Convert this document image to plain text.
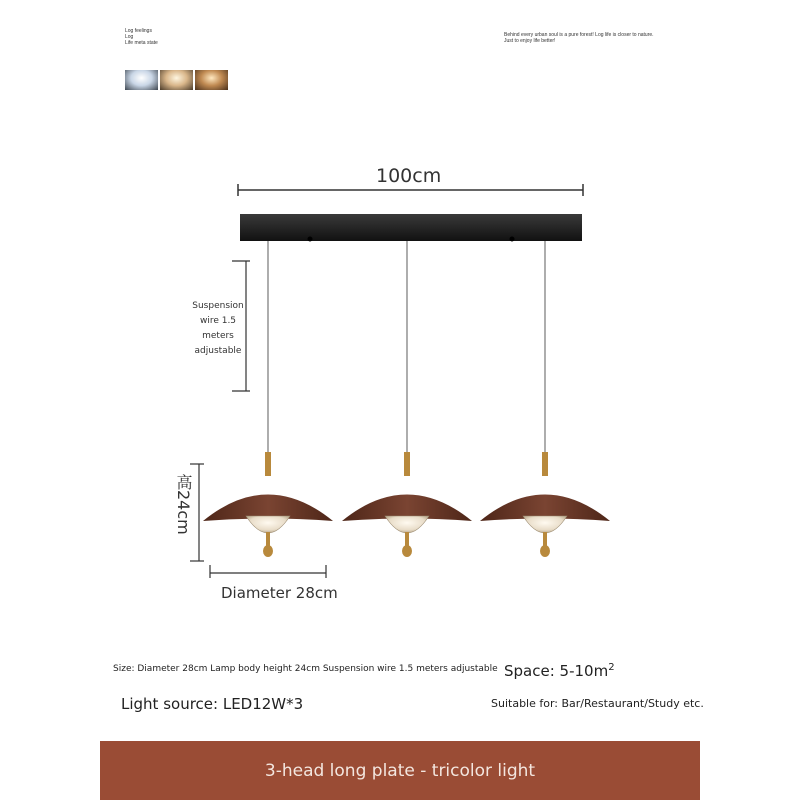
Log feelings
Log
Life meta state
Behind every urban soul is a pure forest! Log life is closer to nature.
Just to enjoy life better!
100cm
Suspension
wire 1.5
meters
adjustable
高24cm
Diameter 28cm
Size: Diameter 28cm Lamp body height 24cm Suspension wire 1.5 meters adjustable Space: $5-10m^2$
Light source: LED12W*3	Suitable for: Bar/Restaurant/Study etc.
3-head long plate - tricolor light
